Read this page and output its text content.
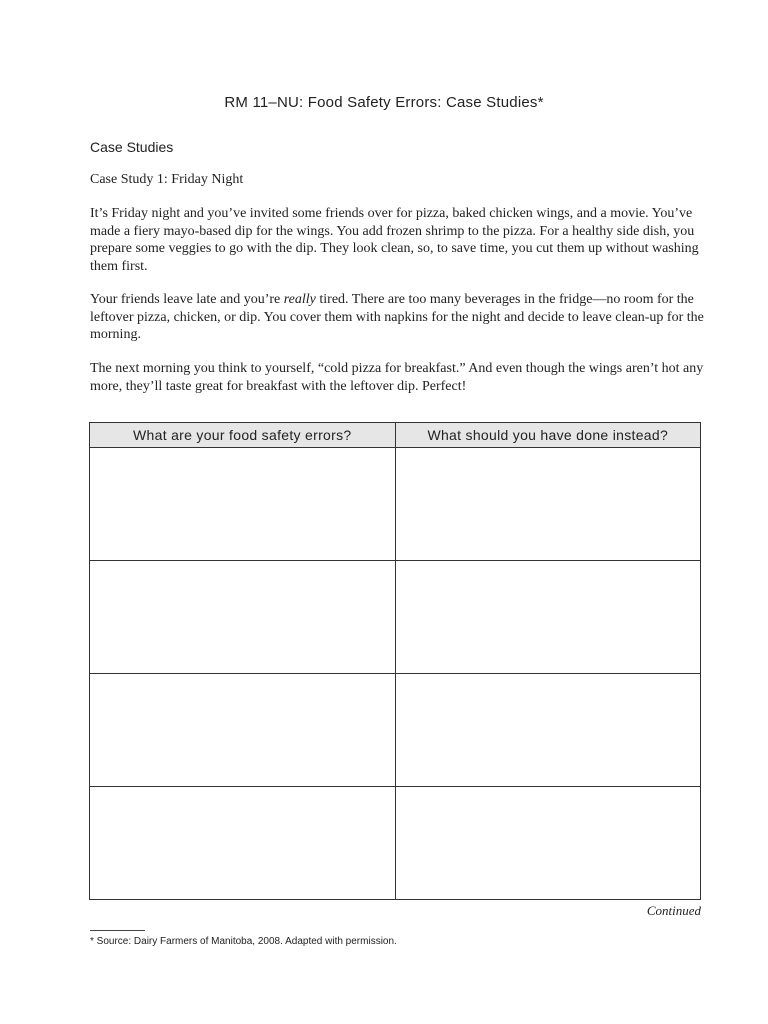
RM 11–NU: Food Safety Errors: Case Studies*
Case Studies
Case Study 1: Friday Night

It’s Friday night and you’ve invited some friends over for pizza, baked chicken wings, and a movie. You’ve made a fiery mayo-based dip for the wings. You add frozen shrimp to the pizza. For a healthy side dish, you prepare some veggies to go with the dip. They look clean, so, to save time, you cut them up without washing them first.

Your friends leave late and you’re really tired. There are too many beverages in the fridge—no room for the leftover pizza, chicken, or dip. You cover them with napkins for the night and decide to leave clean-up for the morning.

The next morning you think to yourself, “cold pizza for breakfast.” And even though the wings aren’t hot any more, they’ll taste great for breakfast with the leftover dip. Perfect!

What are your food safety errors?	What should you have done instead?

Continued
* Source: Dairy Farmers of Manitoba, 2008. Adapted with permission.
